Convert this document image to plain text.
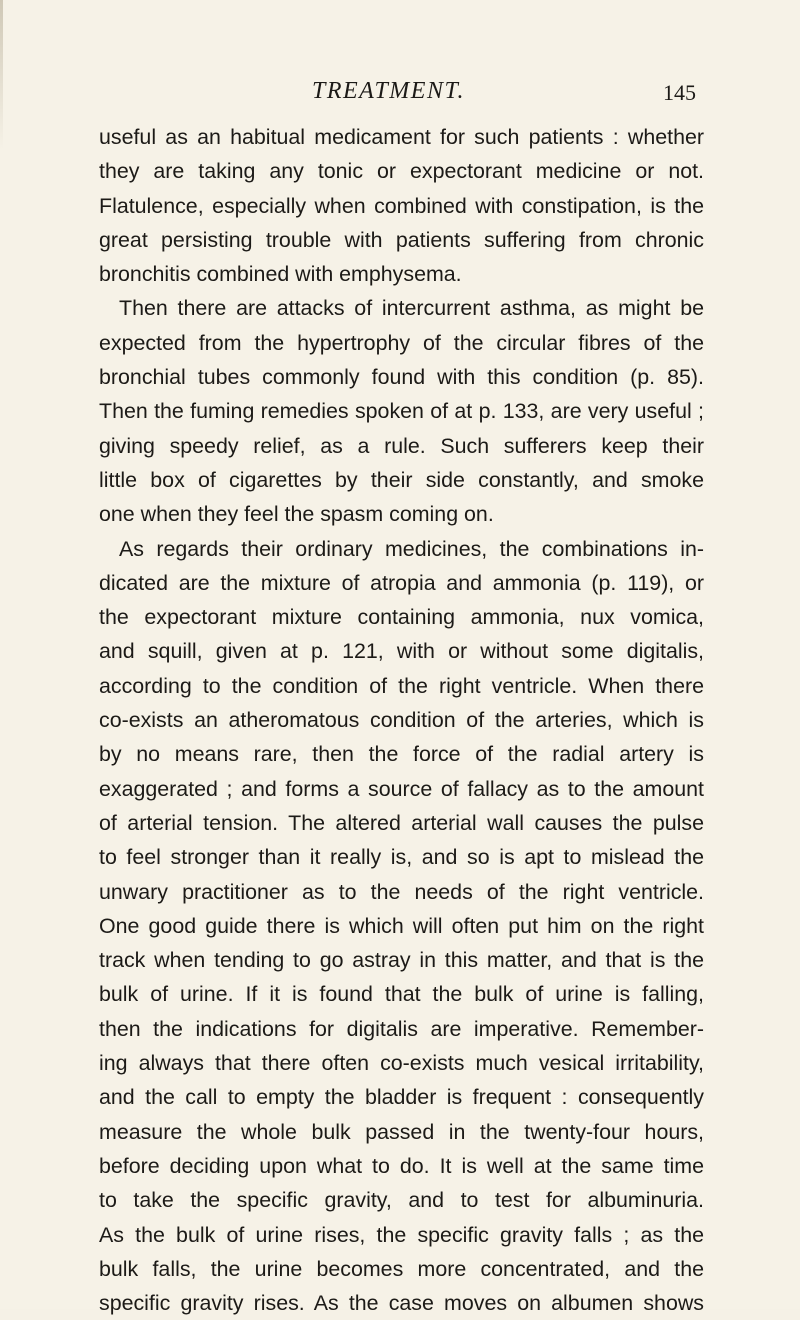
TREATMENT.	145
useful as an habitual medicament for such patients : whether
they are taking any tonic or expectorant medicine or not.
Flatulence, especially when combined with constipation, is the
great persisting trouble with patients suffering from chronic
bronchitis combined with emphysema.
Then there are attacks of intercurrent asthma, as might be
expected from the hypertrophy of the circular fibres of the
bronchial tubes commonly found with this condition (p. 85).
Then the fuming remedies spoken of at p. 133, are very useful ;
giving speedy relief, as a rule. Such sufferers keep their
little box of cigarettes by their side constantly, and smoke
one when they feel the spasm coming on.
As regards their ordinary medicines, the combinations in-
dicated are the mixture of atropia and ammonia (p. 119), or
the expectorant mixture containing ammonia, nux vomica,
and squill, given at p. 121, with or without some digitalis,
according to the condition of the right ventricle. When there
co-exists an atheromatous condition of the arteries, which is
by no means rare, then the force of the radial artery is
exaggerated ; and forms a source of fallacy as to the amount
of arterial tension. The altered arterial wall causes the pulse
to feel stronger than it really is, and so is apt to mislead the
unwary practitioner as to the needs of the right ventricle.
One good guide there is which will often put him on the right
track when tending to go astray in this matter, and that is the
bulk of urine. If it is found that the bulk of urine is falling,
then the indications for digitalis are imperative. Remember-
ing always that there often co-exists much vesical irritability,
and the call to empty the bladder is frequent : consequently
measure the whole bulk passed in the twenty-four hours,
before deciding upon what to do. It is well at the same time
to take the specific gravity, and to test for albuminuria.
As the bulk of urine rises, the specific gravity falls ; as the
bulk falls, the urine becomes more concentrated, and the
specific gravity rises. As the case moves on albumen shows
